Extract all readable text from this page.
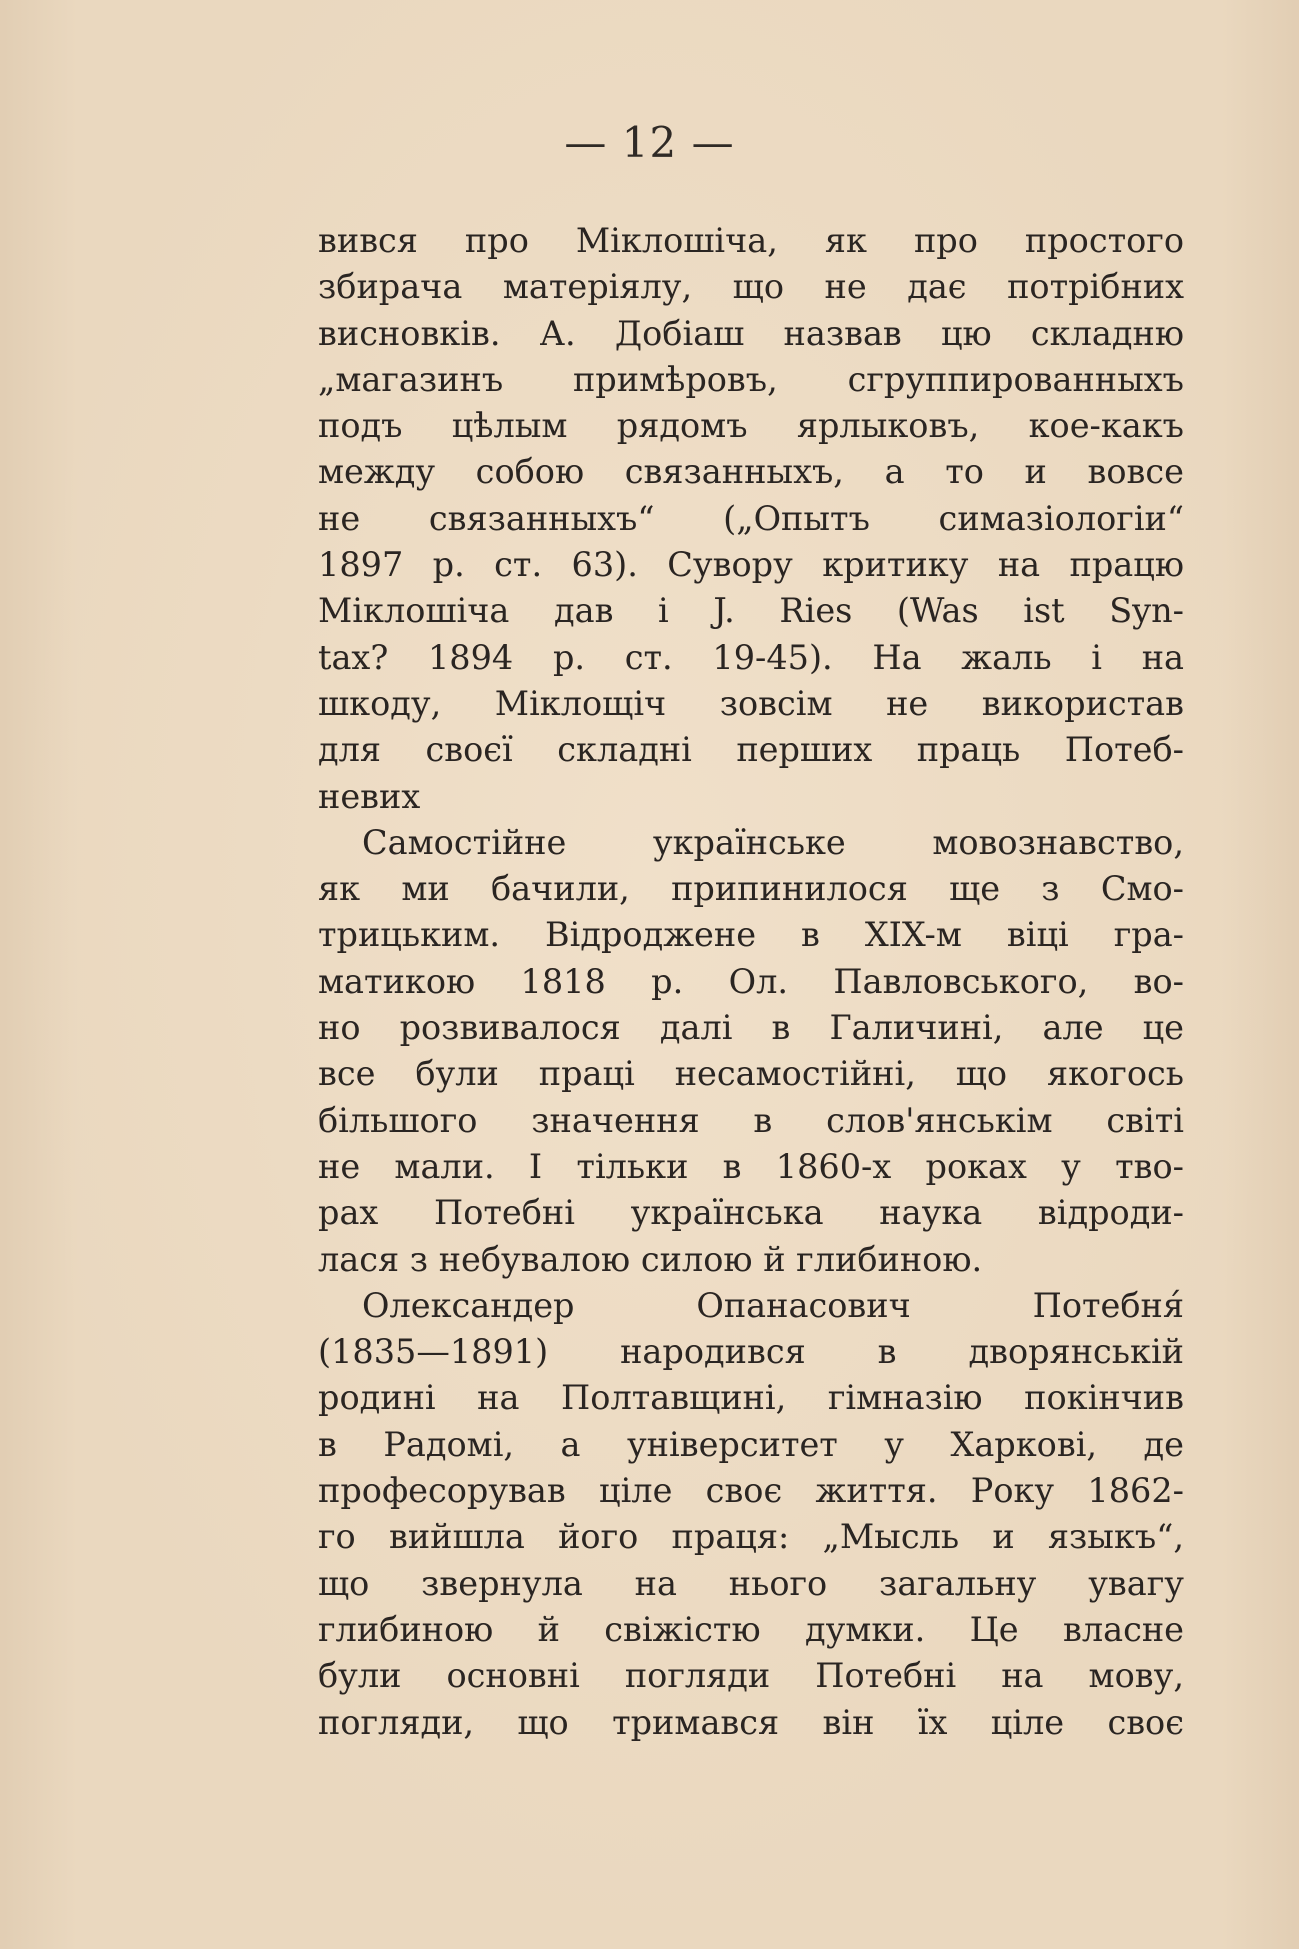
— 12 —
вився про Міклошіча, як про простого
збирача матеріялу, що не дає потрібних
висновків. А. Добіаш назвав цю складню
„магазинъ примѣровъ, сгруппированныхъ
подъ цѣлым рядомъ ярлыковъ, кое-какъ
между собою связанныхъ, а то и вовсе
не связанныхъ“ („Опытъ симазіологіи“
1897 р. ст. 63). Сувору критику на працю
Міклошіча дав і J. Ries (Was ist Syn-
tax? 1894 р. ст. 19-45). На жаль і на
шкоду, Міклощіч зовсім не використав
для своєї складні перших праць Потеб-
невих
Самостійне українське мовознавство,
як ми бачили, припинилося ще з Смо-
трицьким. Відроджене в XIX-м віці гра-
матикою 1818 р. Ол. Павловського, во-
но розвивалося далі в Галичині, але це
все були праці несамостійні, що якогось
більшого значення в слов'янськім світі
не мали. І тільки в 1860-х роках у тво-
рах Потебні українська наука відроди-
лася з небувалою силою й глибиною.
Олександер Опанасович Потебня́
(1835—1891) народився в дворянській
родині на Полтавщині, гімназію покінчив
в Радомі, а університет у Харкові, де
професорував ціле своє життя. Року 1862-
го вийшла його праця: „Мысль и языкъ“,
що звернула на нього загальну увагу
глибиною й свіжістю думки. Це власне
були основні погляди Потебні на мову,
погляди, що тримався він їх ціле своє
